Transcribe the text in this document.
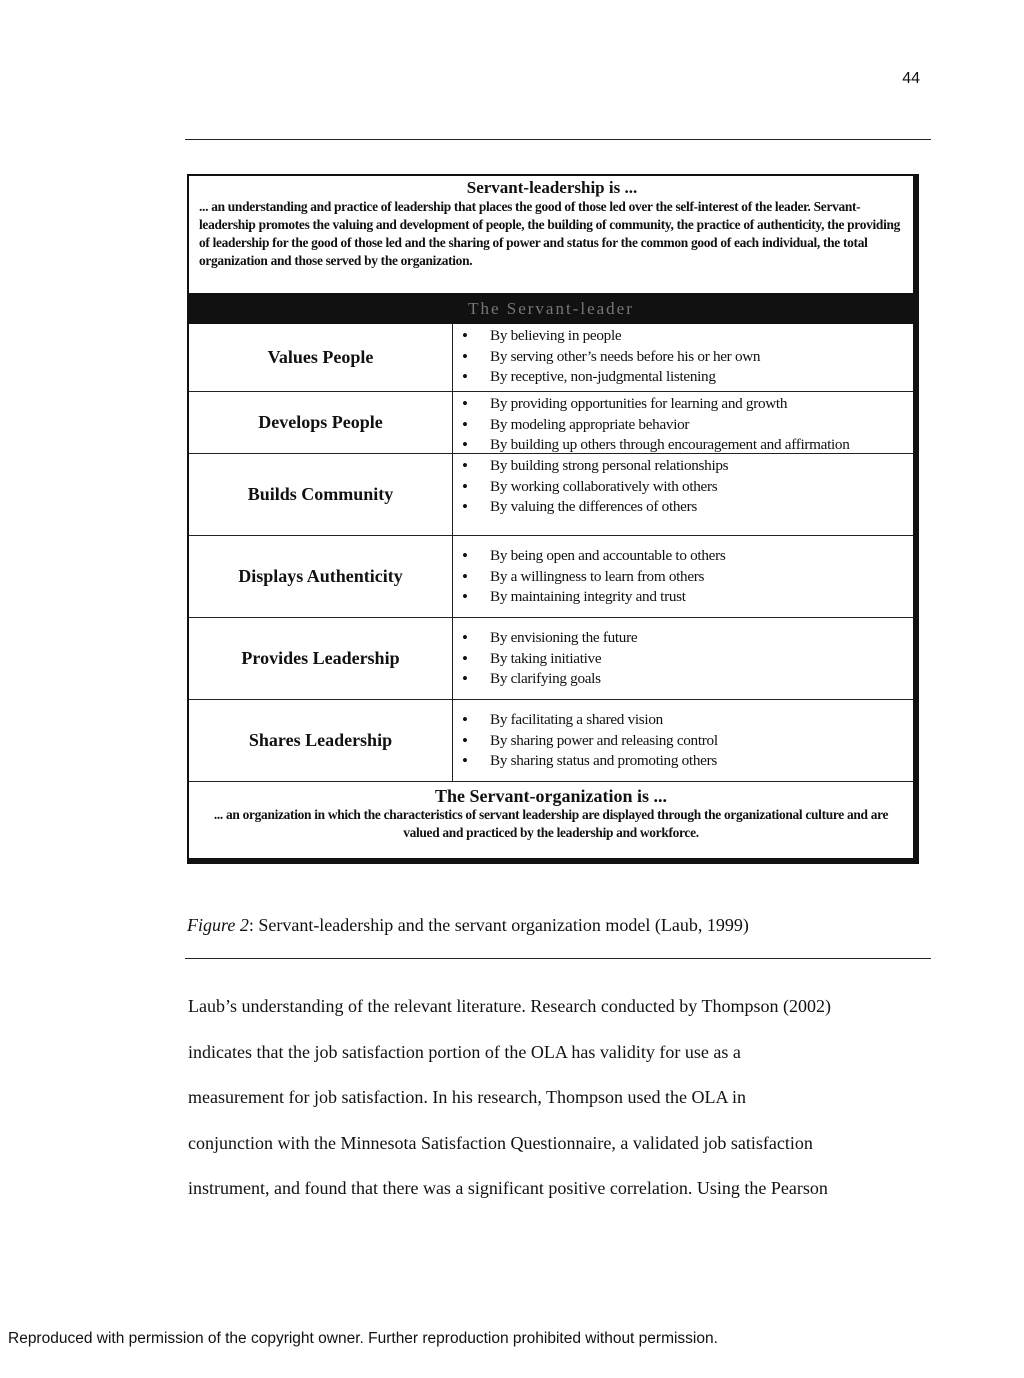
44
Servant-leadership is ...
... an understanding and practice of leadership that places the good of those led over the self-interest of the leader. Servant-leadership promotes the valuing and development of people, the building of community, the practice of authenticity, the providing of leadership for the good of those led and the sharing of power and status for the common good of each individual, the total organization and those served by the organization.
The Servant-leader
Values People
• By believing in people
• By serving other’s needs before his or her own
• By receptive, non-judgmental listening
Develops People
• By providing opportunities for learning and growth
• By modeling appropriate behavior
• By building up others through encouragement and affirmation
Builds Community
• By building strong personal relationships
• By working collaboratively with others
• By valuing the differences of others
Displays Authenticity
• By being open and accountable to others
• By a willingness to learn from others
• By maintaining integrity and trust
Provides Leadership
• By envisioning the future
• By taking initiative
• By clarifying goals
Shares Leadership
• By facilitating a shared vision
• By sharing power and releasing control
• By sharing status and promoting others
The Servant-organization is ...
... an organization in which the characteristics of servant leadership are displayed through the organizational culture and are valued and practiced by the leadership and workforce.
Figure 2: Servant-leadership and the servant organization model (Laub, 1999)

Laub’s understanding of the relevant literature. Research conducted by Thompson (2002)

indicates that the job satisfaction portion of the OLA has validity for use as a

measurement for job satisfaction. In his research, Thompson used the OLA in

conjunction with the Minnesota Satisfaction Questionnaire, a validated job satisfaction

instrument, and found that there was a significant positive correlation. Using the Pearson

Reproduced with permission of the copyright owner. Further reproduction prohibited without permission.
